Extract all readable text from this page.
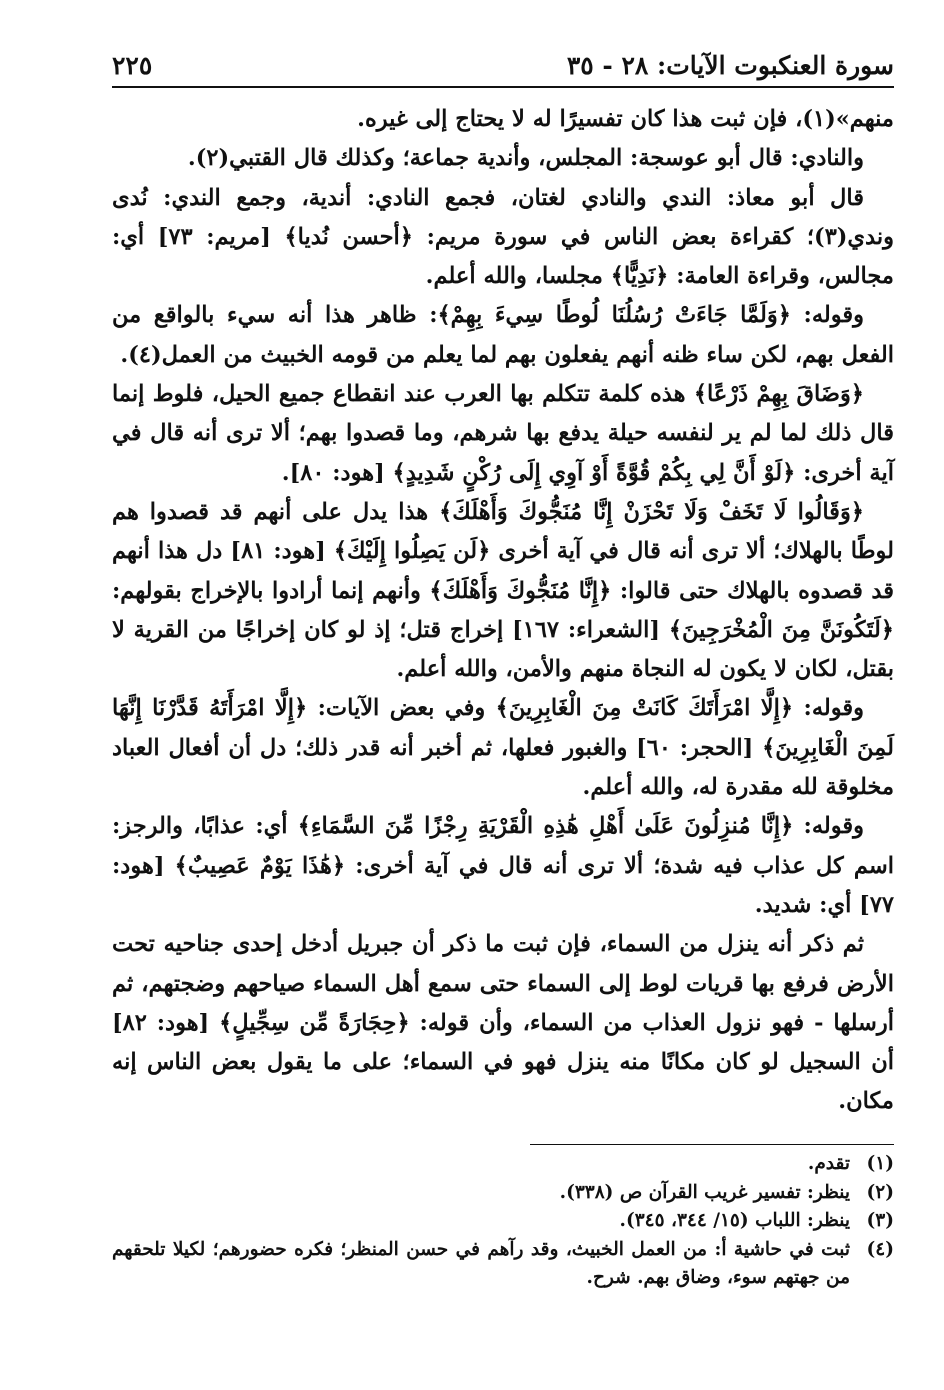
سورة العنكبوت الآيات: ٢٨ - ٣٥
٢٢٥

منهم»(١)، فإن ثبت هذا كان تفسيرًا له لا يحتاج إلى غيره.

والنادي: قال أبو عوسجة: المجلس، وأندية جماعة؛ وكذلك قال القتبي(٢).

قال أبو معاذ: الندي والنادي لغتان، فجمع النادي: أندية، وجمع الندي: نُدى وندي(٣)؛ كقراءة بعض الناس في سورة مريم: ﴿أحسن نُديا﴾ [مريم: ٧٣] أي: مجالس، وقراءة العامة: ﴿نَدِيًّا﴾ مجلسا، والله أعلم.

وقوله: ﴿وَلَمَّا جَاءَتْ رُسُلُنَا لُوطًا سِيءَ بِهِمْ﴾: ظاهر هذا أنه سيء بالواقع من الفعل بهم، لكن ساء ظنه أنهم يفعلون بهم لما يعلم من قومه الخبيث من العمل(٤).

﴿وَضَاقَ بِهِمْ ذَرْعًا﴾ هذه كلمة تتكلم بها العرب عند انقطاع جميع الحيل، فلوط إنما قال ذلك لما لم ير لنفسه حيلة يدفع بها شرهم، وما قصدوا بهم؛ ألا ترى أنه قال في آية أخرى: ﴿لَوْ أَنَّ لِي بِكُمْ قُوَّةً أَوْ آوِي إِلَى رُكْنٍ شَدِيدٍ﴾ [هود: ٨٠].

﴿وَقَالُوا لَا تَخَفْ وَلَا تَحْزَنْ إِنَّا مُنَجُّوكَ وَأَهْلَكَ﴾ هذا يدل على أنهم قد قصدوا هم لوطًا بالهلاك؛ ألا ترى أنه قال في آية أخرى ﴿لَن يَصِلُوا إِلَيْكَ﴾ [هود: ٨١] دل هذا أنهم قد قصدوه بالهلاك حتى قالوا: ﴿إِنَّا مُنَجُّوكَ وَأَهْلَكَ﴾ وأنهم إنما أرادوا بالإخراج بقولهم: ﴿لَتَكُونَنَّ مِنَ الْمُخْرَجِينَ﴾ [الشعراء: ١٦٧] إخراج قتل؛ إذ لو كان إخراجًا من القرية لا بقتل، لكان لا يكون له النجاة منهم والأمن، والله أعلم.

وقوله: ﴿إِلَّا امْرَأَتَكَ كَانَتْ مِنَ الْغَابِرِينَ﴾ وفي بعض الآيات: ﴿إِلَّا امْرَأَتَهُ قَدَّرْنَا إِنَّهَا لَمِنَ الْغَابِرِينَ﴾ [الحجر: ٦٠] والغبور فعلها، ثم أخبر أنه قدر ذلك؛ دل أن أفعال العباد مخلوقة لله مقدرة له، والله أعلم.

وقوله: ﴿إِنَّا مُنزِلُونَ عَلَىٰ أَهْلِ هَٰذِهِ الْقَرْيَةِ رِجْزًا مِّنَ السَّمَاءِ﴾ أي: عذابًا، والرجز: اسم كل عذاب فيه شدة؛ ألا ترى أنه قال في آية أخرى: ﴿هَٰذَا يَوْمٌ عَصِيبٌ﴾ [هود: ٧٧] أي: شديد.

ثم ذكر أنه ينزل من السماء، فإن ثبت ما ذكر أن جبريل أدخل إحدى جناحيه تحت الأرض فرفع بها قريات لوط إلى السماء حتى سمع أهل السماء صياحهم وضجتهم، ثم أرسلها - فهو نزول العذاب من السماء، وأن قوله: ﴿حِجَارَةً مِّن سِجِّيلٍ﴾ [هود: ٨٢] أن السجيل لو كان مكانًا منه ينزل فهو في السماء؛ على ما يقول بعض الناس إنه مكان.

(١)
تقدم.
(٢)
ينظر: تفسير غريب القرآن ص (٣٣٨).
(٣)
ينظر: اللباب (١٥/ ٣٤٤، ٣٤٥).
(٤)
ثبت في حاشية أ: من العمل الخبيث، وقد رآهم في حسن المنظر؛ فكره حضورهم؛ لكيلا تلحقهم من جهتهم سوء، وضاق بهم. شرح.
